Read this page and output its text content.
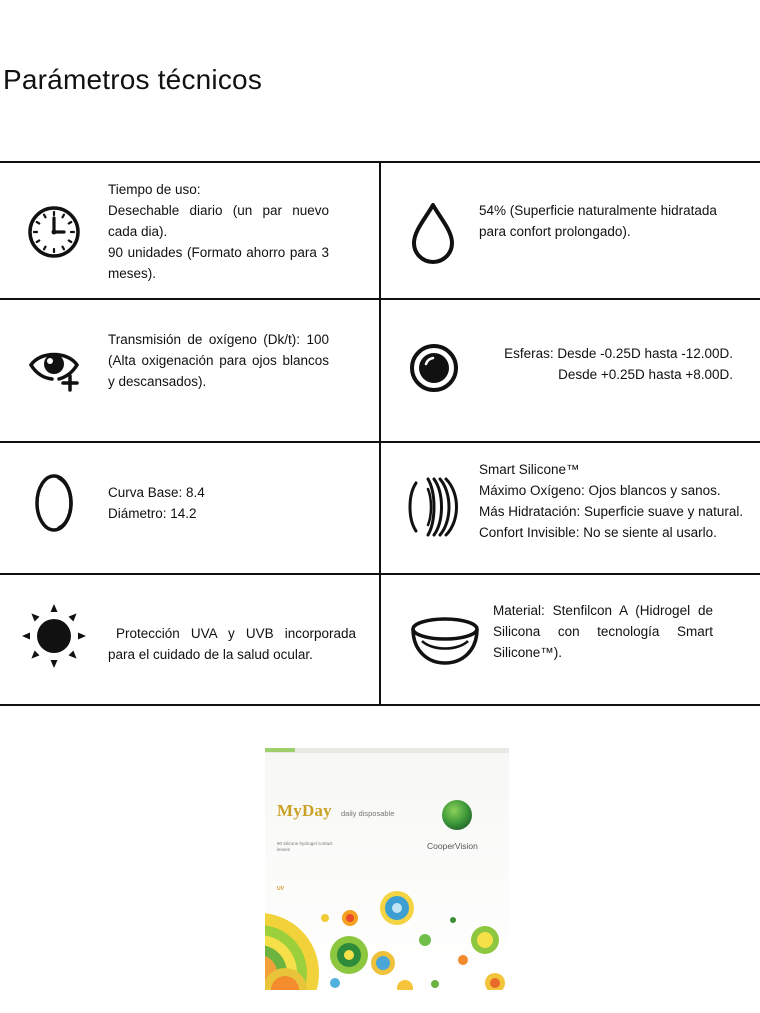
Parámetros técnicos
Tiempo de uso:
Desechable diario (un par nuevo cada dia).
90 unidades (Formato ahorro para 3 meses).
54% (Superficie naturalmente hidratada para confort prolongado).
Transmisión de oxígeno (Dk/t): 100 (Alta oxigenación para ojos blancos y descansados).
Esferas: Desde -0.25D hasta -12.00D.
Desde +0.25D hasta +8.00D.
Curva Base: 8.4
Diámetro: 14.2
Smart Silicone™
Máximo Oxígeno: Ojos blancos y sanos.
Más Hidratación: Superficie suave y natural.
Confort Invisible: No se siente al usarlo.
Protección UVA y UVB incorporada para el cuidado de la salud ocular.
Material: Stenfilcon A (Hidrogel de Silicona con tecnología Smart Silicone™).
MyDay daily disposable
90 silicone hydrogel contact lenses	CooperVision
UV
